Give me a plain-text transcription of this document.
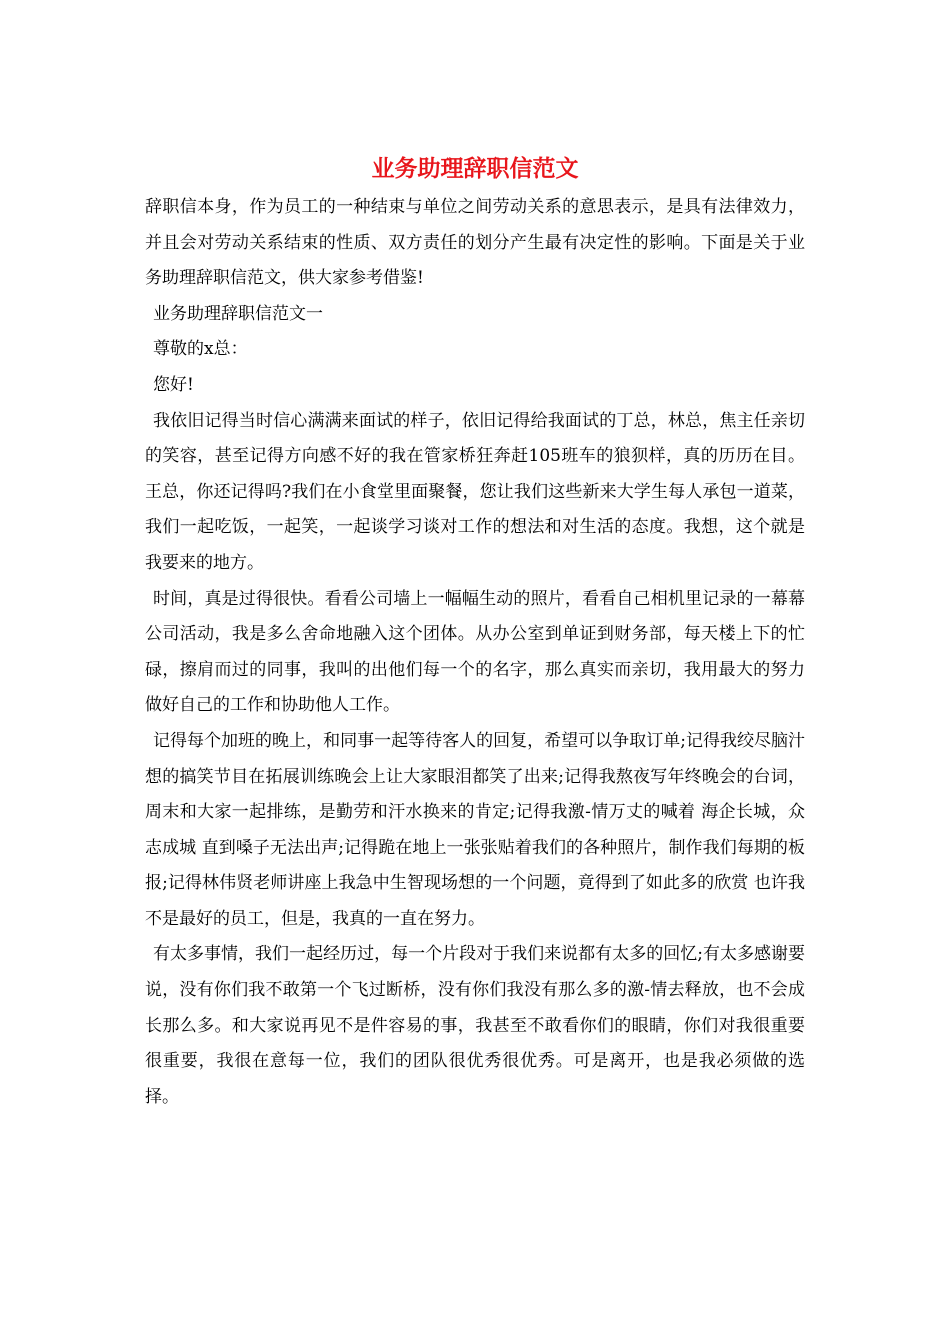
业务助理辞职信范文

辞职信本身，作为员工的一种结束与单位之间劳动关系的意思表示，是具有法律效力，并且会对劳动关系结束的性质、双方责任的划分产生最有决定性的影响。下面是关于业务助理辞职信范文，供大家参考借鉴!

业务助理辞职信范文一

尊敬的x总：

您好!

我依旧记得当时信心满满来面试的样子，依旧记得给我面试的丁总，林总，焦主任亲切的笑容，甚至记得方向感不好的我在管家桥狂奔赶105班车的狼狈样，真的历历在目。王总，你还记得吗?我们在小食堂里面聚餐，您让我们这些新来大学生每人承包一道菜，我们一起吃饭，一起笑，一起谈学习谈对工作的想法和对生活的态度。我想，这个就是我要来的地方。

时间，真是过得很快。看看公司墙上一幅幅生动的照片，看看自己相机里记录的一幕幕公司活动，我是多么舍命地融入这个团体。从办公室到单证到财务部，每天楼上下的忙碌，擦肩而过的同事，我叫的出他们每一个的名字，那么真实而亲切，我用最大的努力做好自己的工作和协助他人工作。

记得每个加班的晚上，和同事一起等待客人的回复，希望可以争取订单;记得我绞尽脑汁想的搞笑节目在拓展训练晚会上让大家眼泪都笑了出来;记得我熬夜写年终晚会的台词，周末和大家一起排练，是勤劳和汗水换来的肯定;记得我激-情万丈的喊着 海企长城，众志成城 直到嗓子无法出声;记得跪在地上一张张贴着我们的各种照片，制作我们每期的板报;记得林伟贤老师讲座上我急中生智现场想的一个问题，竟得到了如此多的欣赏 也许我不是最好的员工，但是，我真的一直在努力。

有太多事情，我们一起经历过，每一个片段对于我们来说都有太多的回忆;有太多感谢要说，没有你们我不敢第一个飞过断桥，没有你们我没有那么多的激-情去释放，也不会成长那么多。和大家说再见不是件容易的事，我甚至不敢看你们的眼睛，你们对我很重要很重要，我很在意每一位，我们的团队很优秀很优秀。可是离开，也是我必须做的选择。
